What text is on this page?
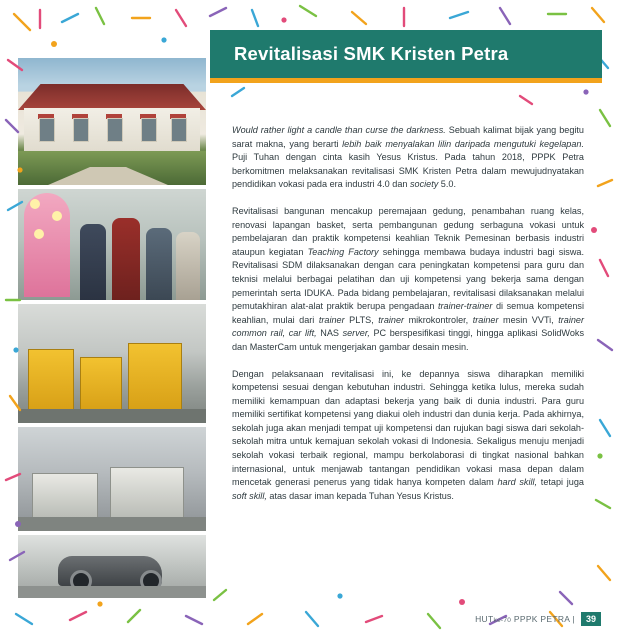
Revitalisasi SMK Kristen Petra

Would rather light a candle than curse the darkness. Sebuah kalimat bijak yang begitu sarat makna, yang berarti lebih baik menyalakan lilin daripada mengutuki kegelapan. Puji Tuhan dengan cinta kasih Yesus Kristus. Pada tahun 2018, PPPK Petra berkomitmen melaksanakan revitalisasi SMK Kristen Petra dalam mewujudnyatakan pendidikan vokasi pada era industri 4.0 dan society 5.0.

Revitalisasi bangunan mencakup peremajaan gedung, penambahan ruang kelas, renovasi lapangan basket, serta pembangunan gedung serbaguna vokasi untuk pembelajaran dan praktik kompetensi keahlian Teknik Pemesinan berbasis industri ataupun kegiatan Teaching Factory sehingga membawa budaya industri bagi siswa. Revitalisasi SDM dilaksanakan dengan cara peningkatan kompetensi para guru dan teknisi melalui berbagai pelatihan dan uji kompetensi yang bekerja sama dengan pemerintah serta IDUKA. Pada bidang pembelajaran, revitalisasi dilaksanakan melalui pemutakhiran alat-alat praktik berupa pengadaan trainer-trainer di semua kompetensi keahlian, mulai dari trainer PLTS, trainer mikrokontroler, trainer mesin VVTi, trainer common rail, car lift, NAS server, PC berspesifikasi tinggi, hingga aplikasi SolidWoks dan MasterCam untuk mengerjakan gambar desain mesin.

Dengan pelaksanaan revitalisasi ini, ke depannya siswa diharapkan memiliki kompetensi sesuai dengan kebutuhan industri. Sehingga ketika lulus, mereka sudah memiliki kemampuan dan adaptasi bekerja yang baik di dunia industri. Para guru memiliki sertifikat kompetensi yang diakui oleh industri dan dunia kerja. Pada akhirnya, sekolah juga akan menjadi tempat uji kompetensi dan rujukan bagi siswa dari sekolah-sekolah mitra untuk kemajuan sekolah vokasi di Indonesia. Sekaligus menuju menjadi sekolah vokasi terbaik regional, mampu berkolaborasi di tingkat nasional bahkan internasional, untuk menjawab tantangan pendidikan vokasi masa depan dalam mencetak generasi penerus yang tidak hanya kompeten dalam hard skill, tetapi juga soft skill, atas dasar iman kepada Tuhan Yesus Kristus.

HUTke-70 PPPK PETRA |	39
